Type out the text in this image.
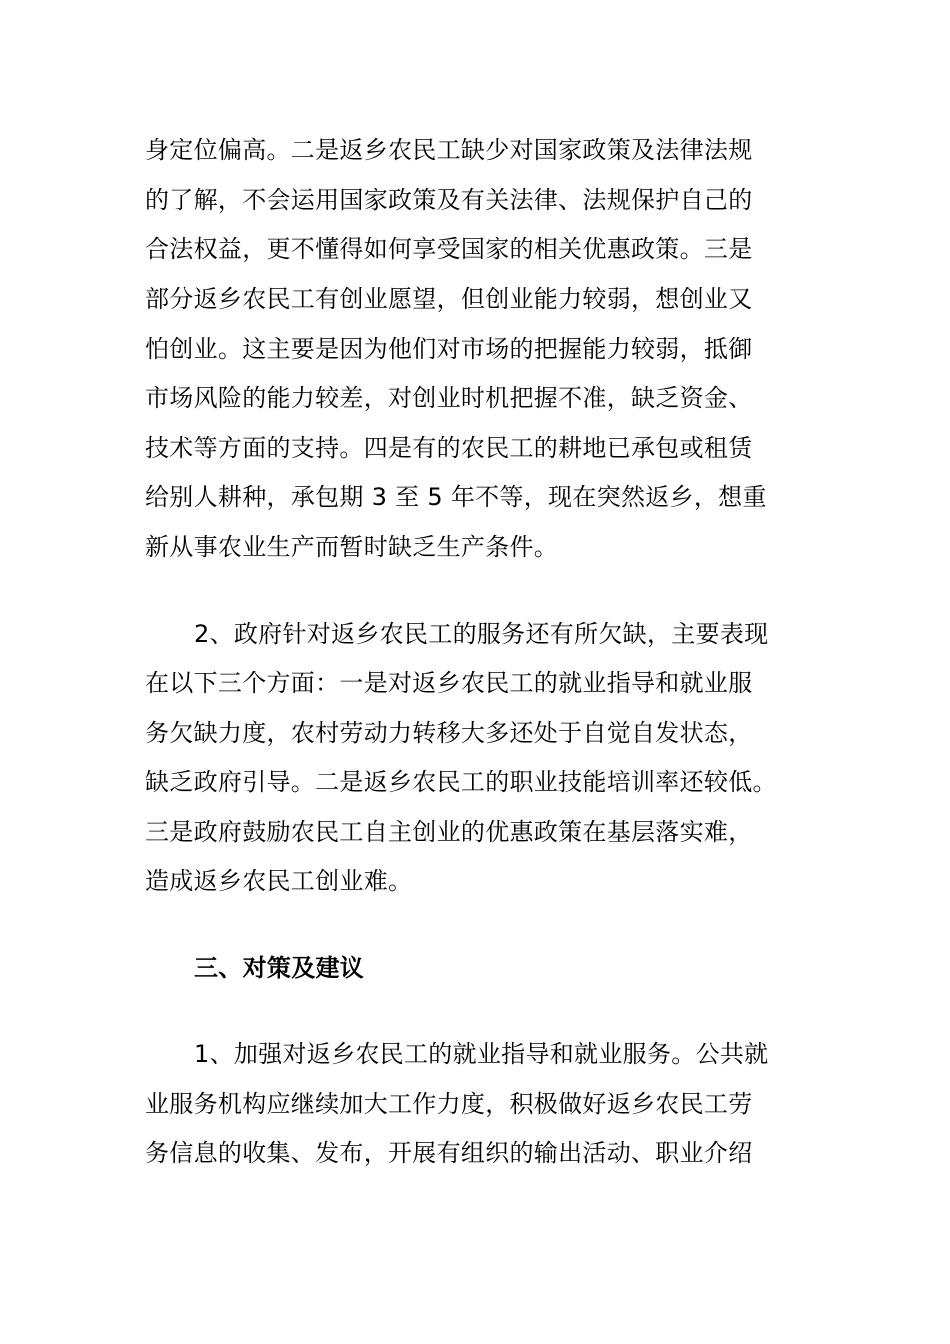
身定位偏高。二是返乡农民工缺少对国家政策及法律法规
的了解，不会运用国家政策及有关法律、法规保护自己的
合法权益，更不懂得如何享受国家的相关优惠政策。三是
部分返乡农民工有创业愿望，但创业能力较弱，想创业又
怕创业。这主要是因为他们对市场的把握能力较弱，抵御
市场风险的能力较差，对创业时机把握不准，缺乏资金、
技术等方面的支持。四是有的农民工的耕地已承包或租赁
给别人耕种，承包期 3 至 5 年不等，现在突然返乡，想重
新从事农业生产而暂时缺乏生产条件。
2、政府针对返乡农民工的服务还有所欠缺，主要表现
在以下三个方面：一是对返乡农民工的就业指导和就业服
务欠缺力度，农村劳动力转移大多还处于自觉自发状态，
缺乏政府引导。二是返乡农民工的职业技能培训率还较低。
三是政府鼓励农民工自主创业的优惠政策在基层落实难，
造成返乡农民工创业难。
三、对策及建议
1、加强对返乡农民工的就业指导和就业服务。公共就
业服务机构应继续加大工作力度，积极做好返乡农民工劳
务信息的收集、发布，开展有组织的输出活动、职业介绍
